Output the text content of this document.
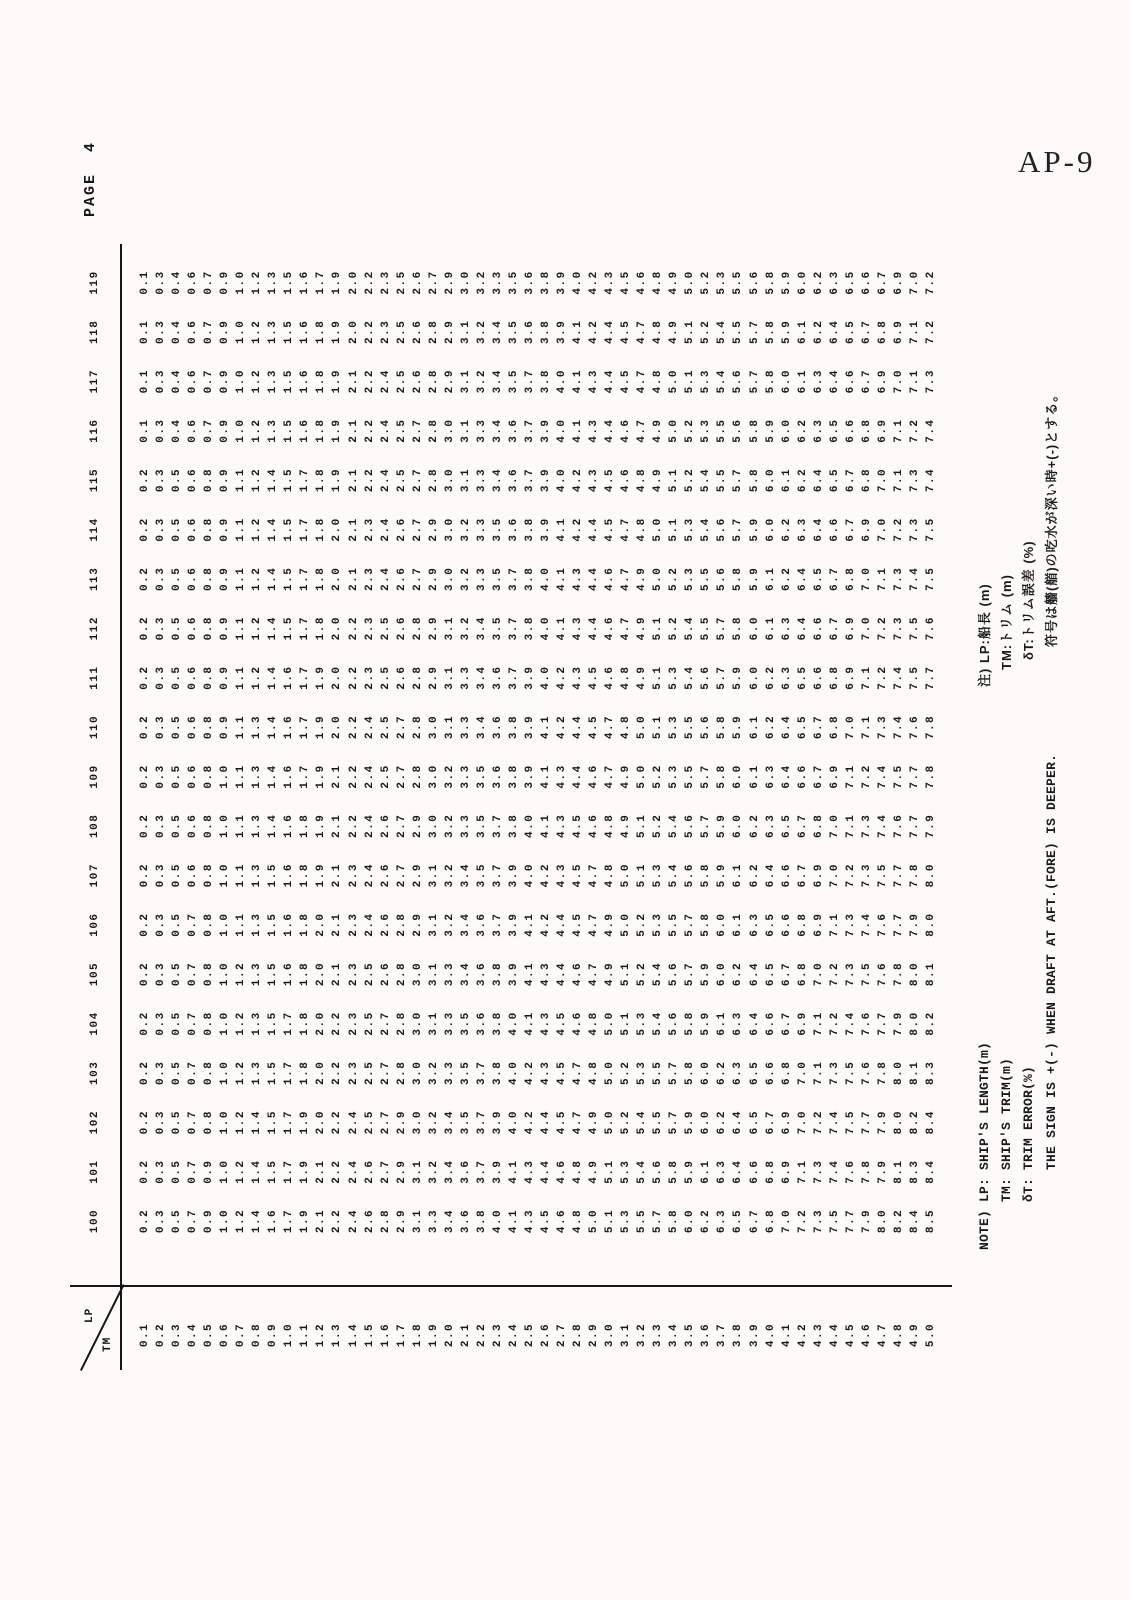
AP-9
PAGE 4
LP
TM
100
101
102
103
104
105
106
107
108
109
110
111
112
113
114
115
116
117
118
119
0.1 0.2 0.3 0.4 0.5 0.6 0.7 0.8 0.9 1.0 1.1 1.2 1.3 1.4 1.5 1.6 1.7 1.8 1.9 2.0 2.1 2.2 2.3 2.4 2.5 2.6 2.7 2.8 2.9 3.0 3.1 3.2 3.3 3.4 3.5 3.6 3.7 3.8 3.9 4.0 4.1 4.2 4.3 4.4 4.5 4.6 4.7 4.8 4.9 5.0
0.2 0.3 0.5 0.7 0.9 1.0 1.2 1.4 1.6 1.7 1.9 2.1 2.2 2.4 2.6 2.8 2.9 3.1 3.3 3.4 3.6 3.8 4.0 4.1 4.3 4.5 4.6 4.8 5.0 5.1 5.3 5.5 5.7 5.8 6.0 6.2 6.3 6.5 6.7 6.8 7.0 7.2 7.3 7.5 7.7 7.9 8.0 8.2 8.4 8.5
0.2 0.3 0.5 0.7 0.9 1.0 1.2 1.4 1.5 1.7 1.9 2.1 2.2 2.4 2.6 2.7 2.9 3.1 3.2 3.4 3.6 3.7 3.9 4.1 4.3 4.4 4.6 4.8 4.9 5.1 5.3 5.4 5.6 5.8 5.9 6.1 6.3 6.4 6.6 6.8 6.9 7.1 7.3 7.4 7.6 7.8 7.9 8.1 8.3 8.4
0.2 0.3 0.5 0.7 0.8 1.0 1.2 1.4 1.5 1.7 1.9 2.0 2.2 2.4 2.5 2.7 2.9 3.0 3.2 3.4 3.5 3.7 3.9 4.0 4.2 4.4 4.5 4.7 4.9 5.0 5.2 5.4 5.5 5.7 5.9 6.0 6.2 6.4 6.5 6.7 6.9 7.0 7.2 7.4 7.5 7.7 7.9 8.0 8.2 8.4
0.2 0.3 0.5 0.7 0.8 1.0 1.2 1.3 1.5 1.7 1.8 2.0 2.2 2.3 2.5 2.7 2.8 3.0 3.2 3.3 3.5 3.7 3.8 4.0 4.2 4.3 4.5 4.7 4.8 5.0 5.2 5.3 5.5 5.7 5.8 6.0 6.2 6.3 6.5 6.6 6.8 7.0 7.1 7.3 7.5 7.6 7.8 8.0 8.1 8.3
0.2 0.3 0.5 0.7 0.8 1.0 1.2 1.3 1.5 1.7 1.8 2.0 2.2 2.3 2.5 2.7 2.8 3.0 3.1 3.3 3.5 3.6 3.8 4.0 4.1 4.3 4.5 4.6 4.8 5.0 5.1 5.3 5.4 5.6 5.8 5.9 6.1 6.3 6.4 6.6 6.7 6.9 7.1 7.2 7.4 7.6 7.7 7.9 8.0 8.2
0.2 0.3 0.5 0.7 0.8 1.0 1.2 1.3 1.5 1.6 1.8 2.0 2.1 2.3 2.5 2.6 2.8 3.0 3.1 3.3 3.4 3.6 3.8 3.9 4.1 4.3 4.4 4.6 4.7 4.9 5.1 5.2 5.4 5.6 5.7 5.9 6.0 6.2 6.4 6.5 6.7 6.8 7.0 7.2 7.3 7.5 7.6 7.8 8.0 8.1
0.2 0.3 0.5 0.7 0.8 1.0 1.1 1.3 1.5 1.6 1.8 2.0 2.1 2.3 2.4 2.6 2.8 2.9 3.1 3.2 3.4 3.6 3.7 3.9 4.1 4.2 4.4 4.5 4.7 4.9 5.0 5.2 5.3 5.5 5.7 5.8 6.0 6.1 6.3 6.5 6.6 6.8 6.9 7.1 7.3 7.4 7.6 7.7 7.9 8.0
0.2 0.3 0.5 0.6 0.8 1.0 1.1 1.3 1.5 1.6 1.8 1.9 2.1 2.3 2.4 2.6 2.7 2.9 3.1 3.2 3.4 3.5 3.7 3.9 4.0 4.2 4.3 4.5 4.7 4.8 5.0 5.1 5.3 5.4 5.6 5.8 5.9 6.1 6.2 6.4 6.6 6.7 6.9 7.0 7.2 7.3 7.5 7.7 7.8 8.0
0.2 0.3 0.5 0.6 0.8 1.0 1.1 1.3 1.4 1.6 1.8 1.9 2.1 2.2 2.4 2.6 2.7 2.9 3.0 3.2 3.3 3.5 3.7 3.8 4.0 4.1 4.3 4.5 4.6 4.8 4.9 5.1 5.2 5.4 5.6 5.7 5.9 6.0 6.2 6.3 6.5 6.7 6.8 7.0 7.1 7.3 7.4 7.6 7.7 7.9
0.2 0.3 0.5 0.6 0.8 1.0 1.1 1.3 1.4 1.6 1.7 1.9 2.1 2.2 2.4 2.5 2.7 2.8 3.0 3.2 3.3 3.5 3.6 3.8 3.9 4.1 4.3 4.4 4.6 4.7 4.9 5.0 5.2 5.3 5.5 5.7 5.8 6.0 6.1 6.3 6.4 6.6 6.7 6.9 7.1 7.2 7.4 7.5 7.7 7.8
0.2 0.3 0.5 0.6 0.8 0.9 1.1 1.3 1.4 1.6 1.7 1.9 2.0 2.2 2.4 2.5 2.7 2.8 3.0 3.1 3.3 3.4 3.6 3.8 3.9 4.1 4.2 4.4 4.5 4.7 4.8 5.0 5.1 5.3 5.5 5.6 5.8 5.9 6.1 6.2 6.4 6.5 6.7 6.8 7.0 7.1 7.3 7.4 7.6 7.8
0.2 0.3 0.5 0.6 0.8 0.9 1.1 1.2 1.4 1.6 1.7 1.9 2.0 2.2 2.3 2.5 2.6 2.8 2.9 3.1 3.3 3.4 3.6 3.7 3.9 4.0 4.2 4.3 4.5 4.6 4.8 4.9 5.1 5.3 5.4 5.6 5.7 5.9 6.0 6.2 6.3 6.5 6.6 6.8 6.9 7.1 7.2 7.4 7.5 7.7
0.2 0.3 0.5 0.6 0.8 0.9 1.1 1.2 1.4 1.5 1.7 1.8 2.0 2.2 2.3 2.5 2.6 2.8 2.9 3.1 3.2 3.4 3.5 3.7 3.8 4.0 4.1 4.3 4.4 4.6 4.7 4.9 5.1 5.2 5.4 5.5 5.7 5.8 6.0 6.1 6.3 6.4 6.6 6.7 6.9 7.0 7.2 7.3 7.5 7.6
0.2 0.3 0.5 0.6 0.8 0.9 1.1 1.2 1.4 1.5 1.7 1.8 2.0 2.1 2.3 2.4 2.6 2.7 2.9 3.0 3.2 3.3 3.5 3.7 3.8 4.0 4.1 4.3 4.4 4.6 4.7 4.9 5.0 5.2 5.3 5.5 5.6 5.8 5.9 6.1 6.2 6.4 6.5 6.7 6.8 7.0 7.1 7.3 7.4 7.5
0.2 0.3 0.5 0.6 0.8 0.9 1.1 1.2 1.4 1.5 1.7 1.8 2.0 2.1 2.3 2.4 2.6 2.7 2.9 3.0 3.2 3.3 3.5 3.6 3.8 3.9 4.1 4.2 4.4 4.5 4.7 4.8 5.0 5.1 5.3 5.4 5.6 5.7 5.9 6.0 6.2 6.3 6.4 6.6 6.7 6.9 7.0 7.2 7.3 7.5
0.2 0.3 0.5 0.6 0.8 0.9 1.1 1.2 1.4 1.5 1.7 1.8 1.9 2.1 2.2 2.4 2.5 2.7 2.8 3.0 3.1 3.3 3.4 3.6 3.7 3.9 4.0 4.2 4.3 4.5 4.6 4.8 4.9 5.1 5.2 5.4 5.5 5.7 5.8 6.0 6.1 6.2 6.4 6.5 6.7 6.8 7.0 7.1 7.3 7.4
0.1 0.3 0.4 0.6 0.7 0.9 1.0 1.2 1.3 1.5 1.6 1.8 1.9 2.1 2.2 2.4 2.5 2.7 2.8 3.0 3.1 3.3 3.4 3.6 3.7 3.9 4.0 4.1 4.3 4.4 4.6 4.7 4.9 5.0 5.2 5.3 5.5 5.6 5.8 5.9 6.0 6.2 6.3 6.5 6.6 6.8 6.9 7.1 7.2 7.4
0.1 0.3 0.4 0.6 0.7 0.9 1.0 1.2 1.3 1.5 1.6 1.8 1.9 2.1 2.2 2.4 2.5 2.6 2.8 2.9 3.1 3.2 3.4 3.5 3.7 3.8 4.0 4.1 4.3 4.4 4.5 4.7 4.8 5.0 5.1 5.3 5.4 5.6 5.7 5.8 6.0 6.1 6.3 6.4 6.6 6.7 6.9 7.0 7.1 7.3
0.1 0.3 0.4 0.6 0.7 0.9 1.0 1.2 1.3 1.5 1.6 1.8 1.9 2.0 2.2 2.3 2.5 2.6 2.8 2.9 3.1 3.2 3.4 3.5 3.6 3.8 3.9 4.1 4.2 4.4 4.5 4.7 4.8 4.9 5.1 5.2 5.4 5.5 5.7 5.8 5.9 6.1 6.2 6.4 6.5 6.7 6.8 6.9 7.1 7.2
0.1 0.3 0.4 0.6 0.7 0.9 1.0 1.2 1.3 1.5 1.6 1.7 1.9 2.0 2.2 2.3 2.5 2.6 2.7 2.9 3.0 3.2 3.3 3.5 3.6 3.8 3.9 4.0 4.2 4.3 4.5 4.6 4.8 4.9 5.0 5.2 5.3 5.5 5.6 5.8 5.9 6.0 6.2 6.3 6.5 6.6 6.7 6.9 7.0 7.2
NOTE) LP: SHIP'S LENGTH(m) TM: SHIP'S TRIM(m) δT: TRIM ERROR(%) THE SIGN IS +(-) WHEN DRAFT AT AFT.(FORE) IS DEEPER.
注) LP:船長 (m) TM:トリム (m) δT:トリム誤差 (%) 符号は艢(艏)の吃水が深い時+(-)とする。
